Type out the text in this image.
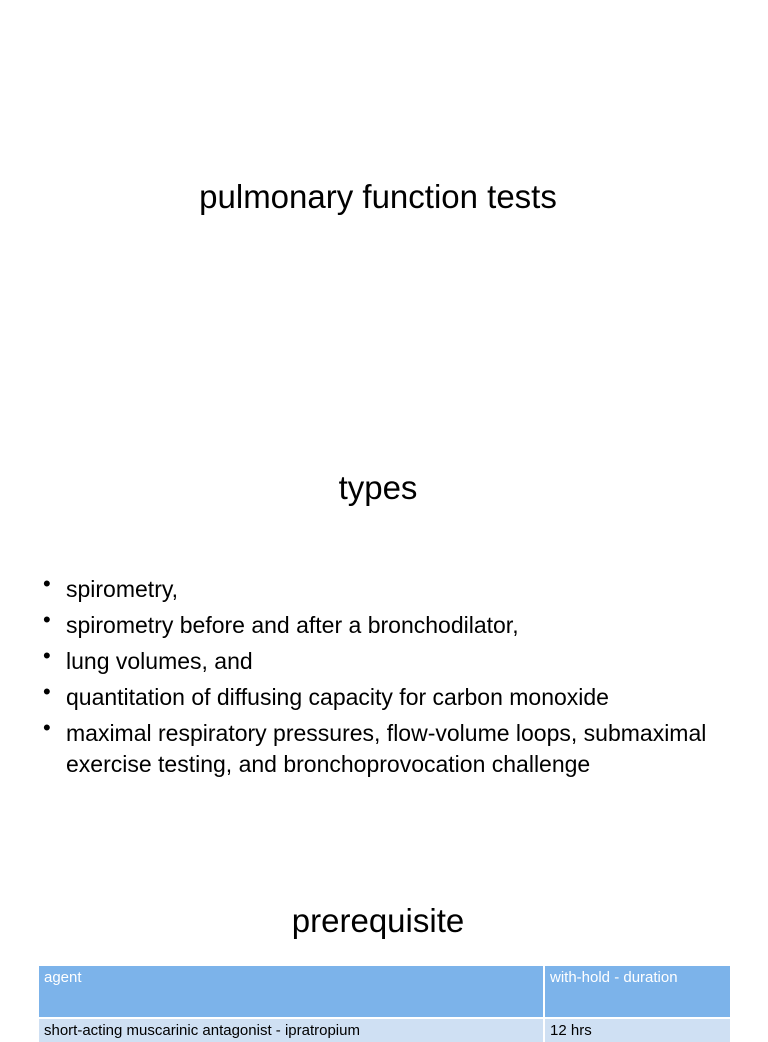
pulmonary function tests
types
• spirometry,
• spirometry before and after a bronchodilator,
• lung volumes, and
• quantitation of diffusing capacity for carbon monoxide
• maximal respiratory pressures, flow-volume loops, submaximal exercise testing, and bronchoprovocation challenge
prerequisite
agent	with-hold - duration
short-acting muscarinic antagonist - ipratropium	12 hrs
